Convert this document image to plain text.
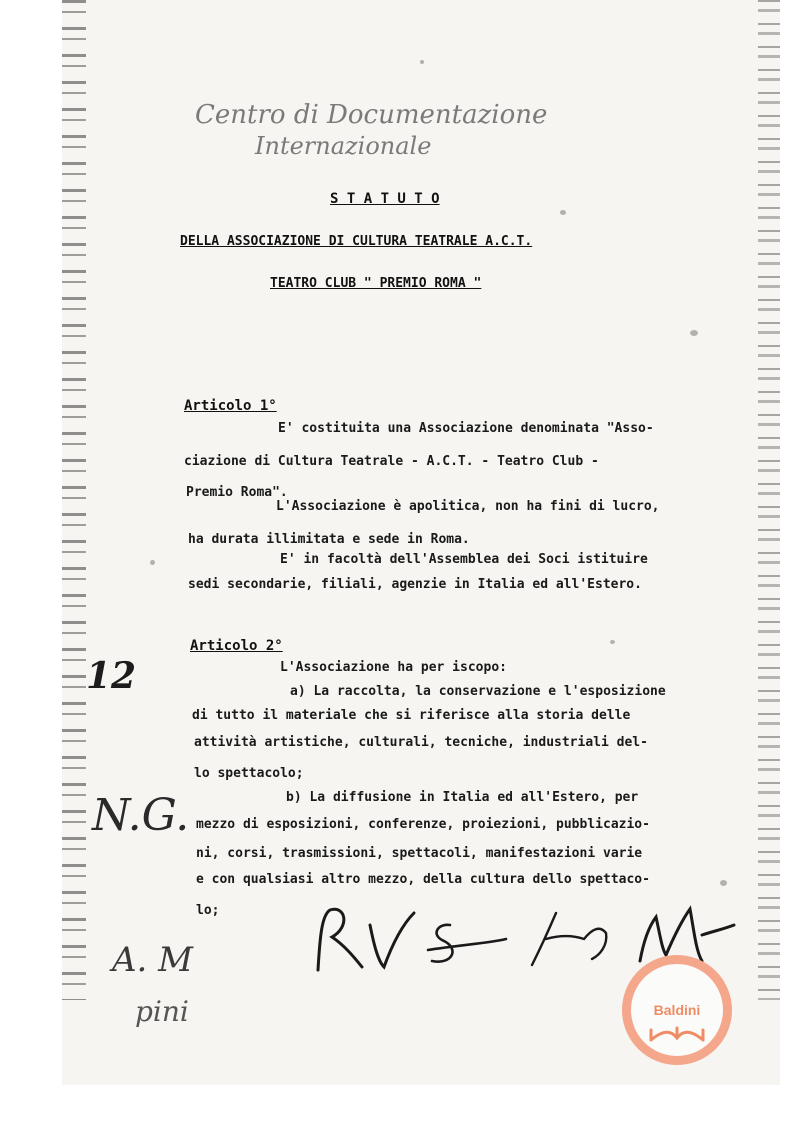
Centro di Documentazione
Internazionale
S T A T U T O
DELLA ASSOCIAZIONE DI CULTURA TEATRALE A.C.T.
TEATRO CLUB " PREMIO ROMA "
Articolo 1°
E' costituita una Associazione denominata "Asso-
ciazione di Cultura Teatrale - A.C.T. - Teatro Club -
Premio Roma".
L'Associazione è apolitica, non ha fini di lucro,
ha durata illimitata e sede in Roma.
E' in facoltà dell'Assemblea dei Soci istituire
sedi secondarie, filiali, agenzie in Italia ed all'Estero.
Articolo 2°
L'Associazione ha per iscopo:
a) La raccolta, la conservazione e l'esposizione
di tutto il materiale che si riferisce alla storia delle
attività artistiche, culturali, tecniche, industriali del-
lo spettacolo;
b) La diffusione in Italia ed all'Estero, per
mezzo di esposizioni, conferenze, proiezioni, pubblicazio-
ni, corsi, trasmissioni, spettacoli, manifestazioni varie
e con qualsiasi altro mezzo, della cultura dello spettaco-
lo;
12
N.G.
A. M
pini	Baldini
